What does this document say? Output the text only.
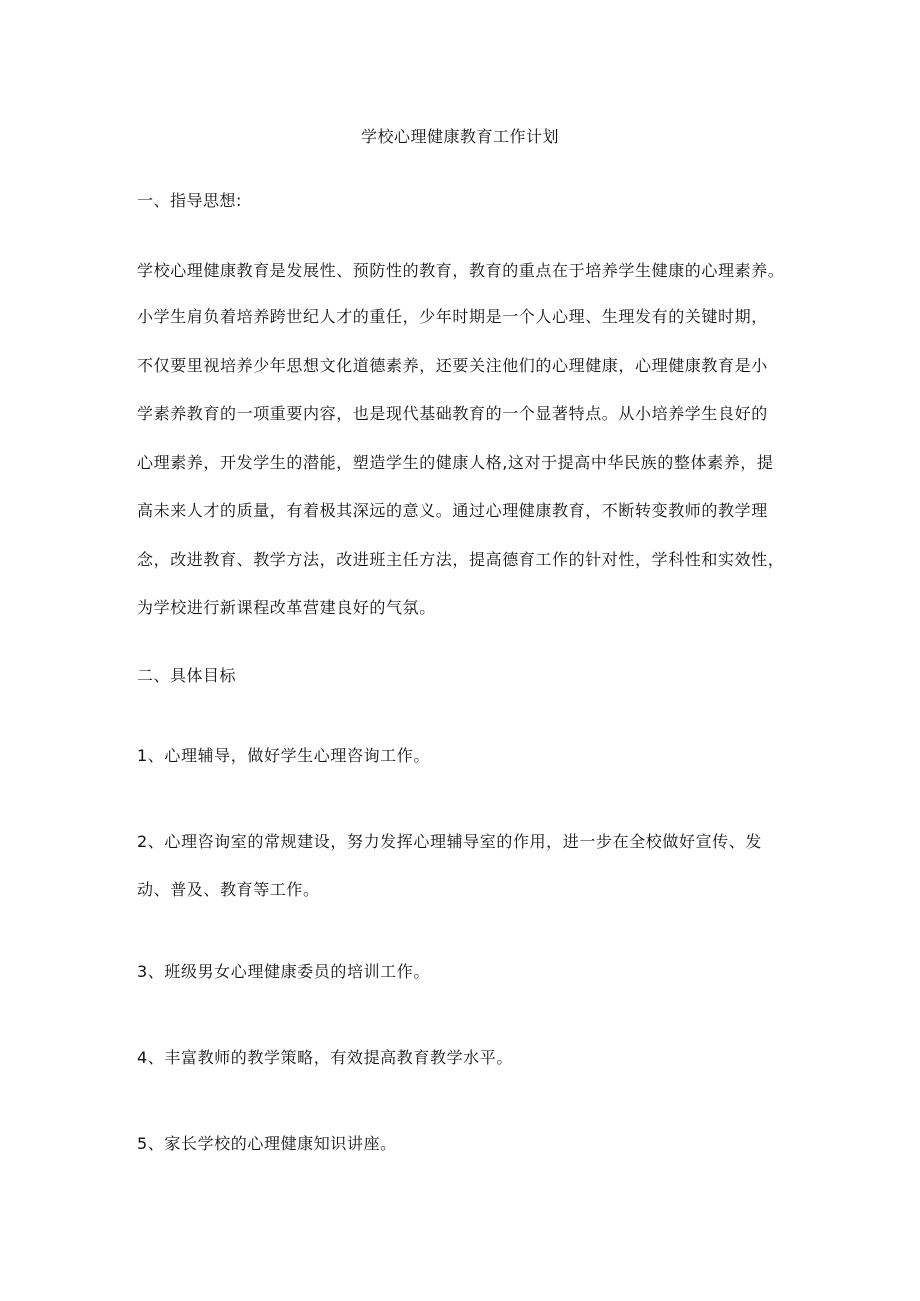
学校心理健康教育工作计划
一、指导思想:
学校心理健康教育是发展性、预防性的教育，教育的重点在于培养学生健康的心理素养。
小学生肩负着培养跨世纪人才的重任，少年时期是一个人心理、生理发有的关键时期，
不仅要里视培养少年思想文化道德素养，还要关注他们的心理健康，心理健康教育是小
学素养教育的一项重要内容，也是现代基础教育的一个显著特点。从小培养学生良好的
心理素养，开发学生的潜能，塑造学生的健康人格,这对于提高中华民族的整体素养，提
高未来人才的质量，有着极其深远的意义。通过心理健康教育，不断转变教师的教学理
念，改进教育、教学方法，改进班主任方法，提高德育工作的针对性，学科性和实效性，
为学校进行新课程改革营建良好的气氛。
二、具体目标
1、心理辅导，做好学生心理咨询工作。
2、心理咨询室的常规建设，努力发挥心理辅导室的作用，进一步在全校做好宣传、发
动、普及、教育等工作。
3、班级男女心理健康委员的培训工作。
4、丰富教师的教学策略，有效提高教育教学水平。
5、家长学校的心理健康知识讲座。
